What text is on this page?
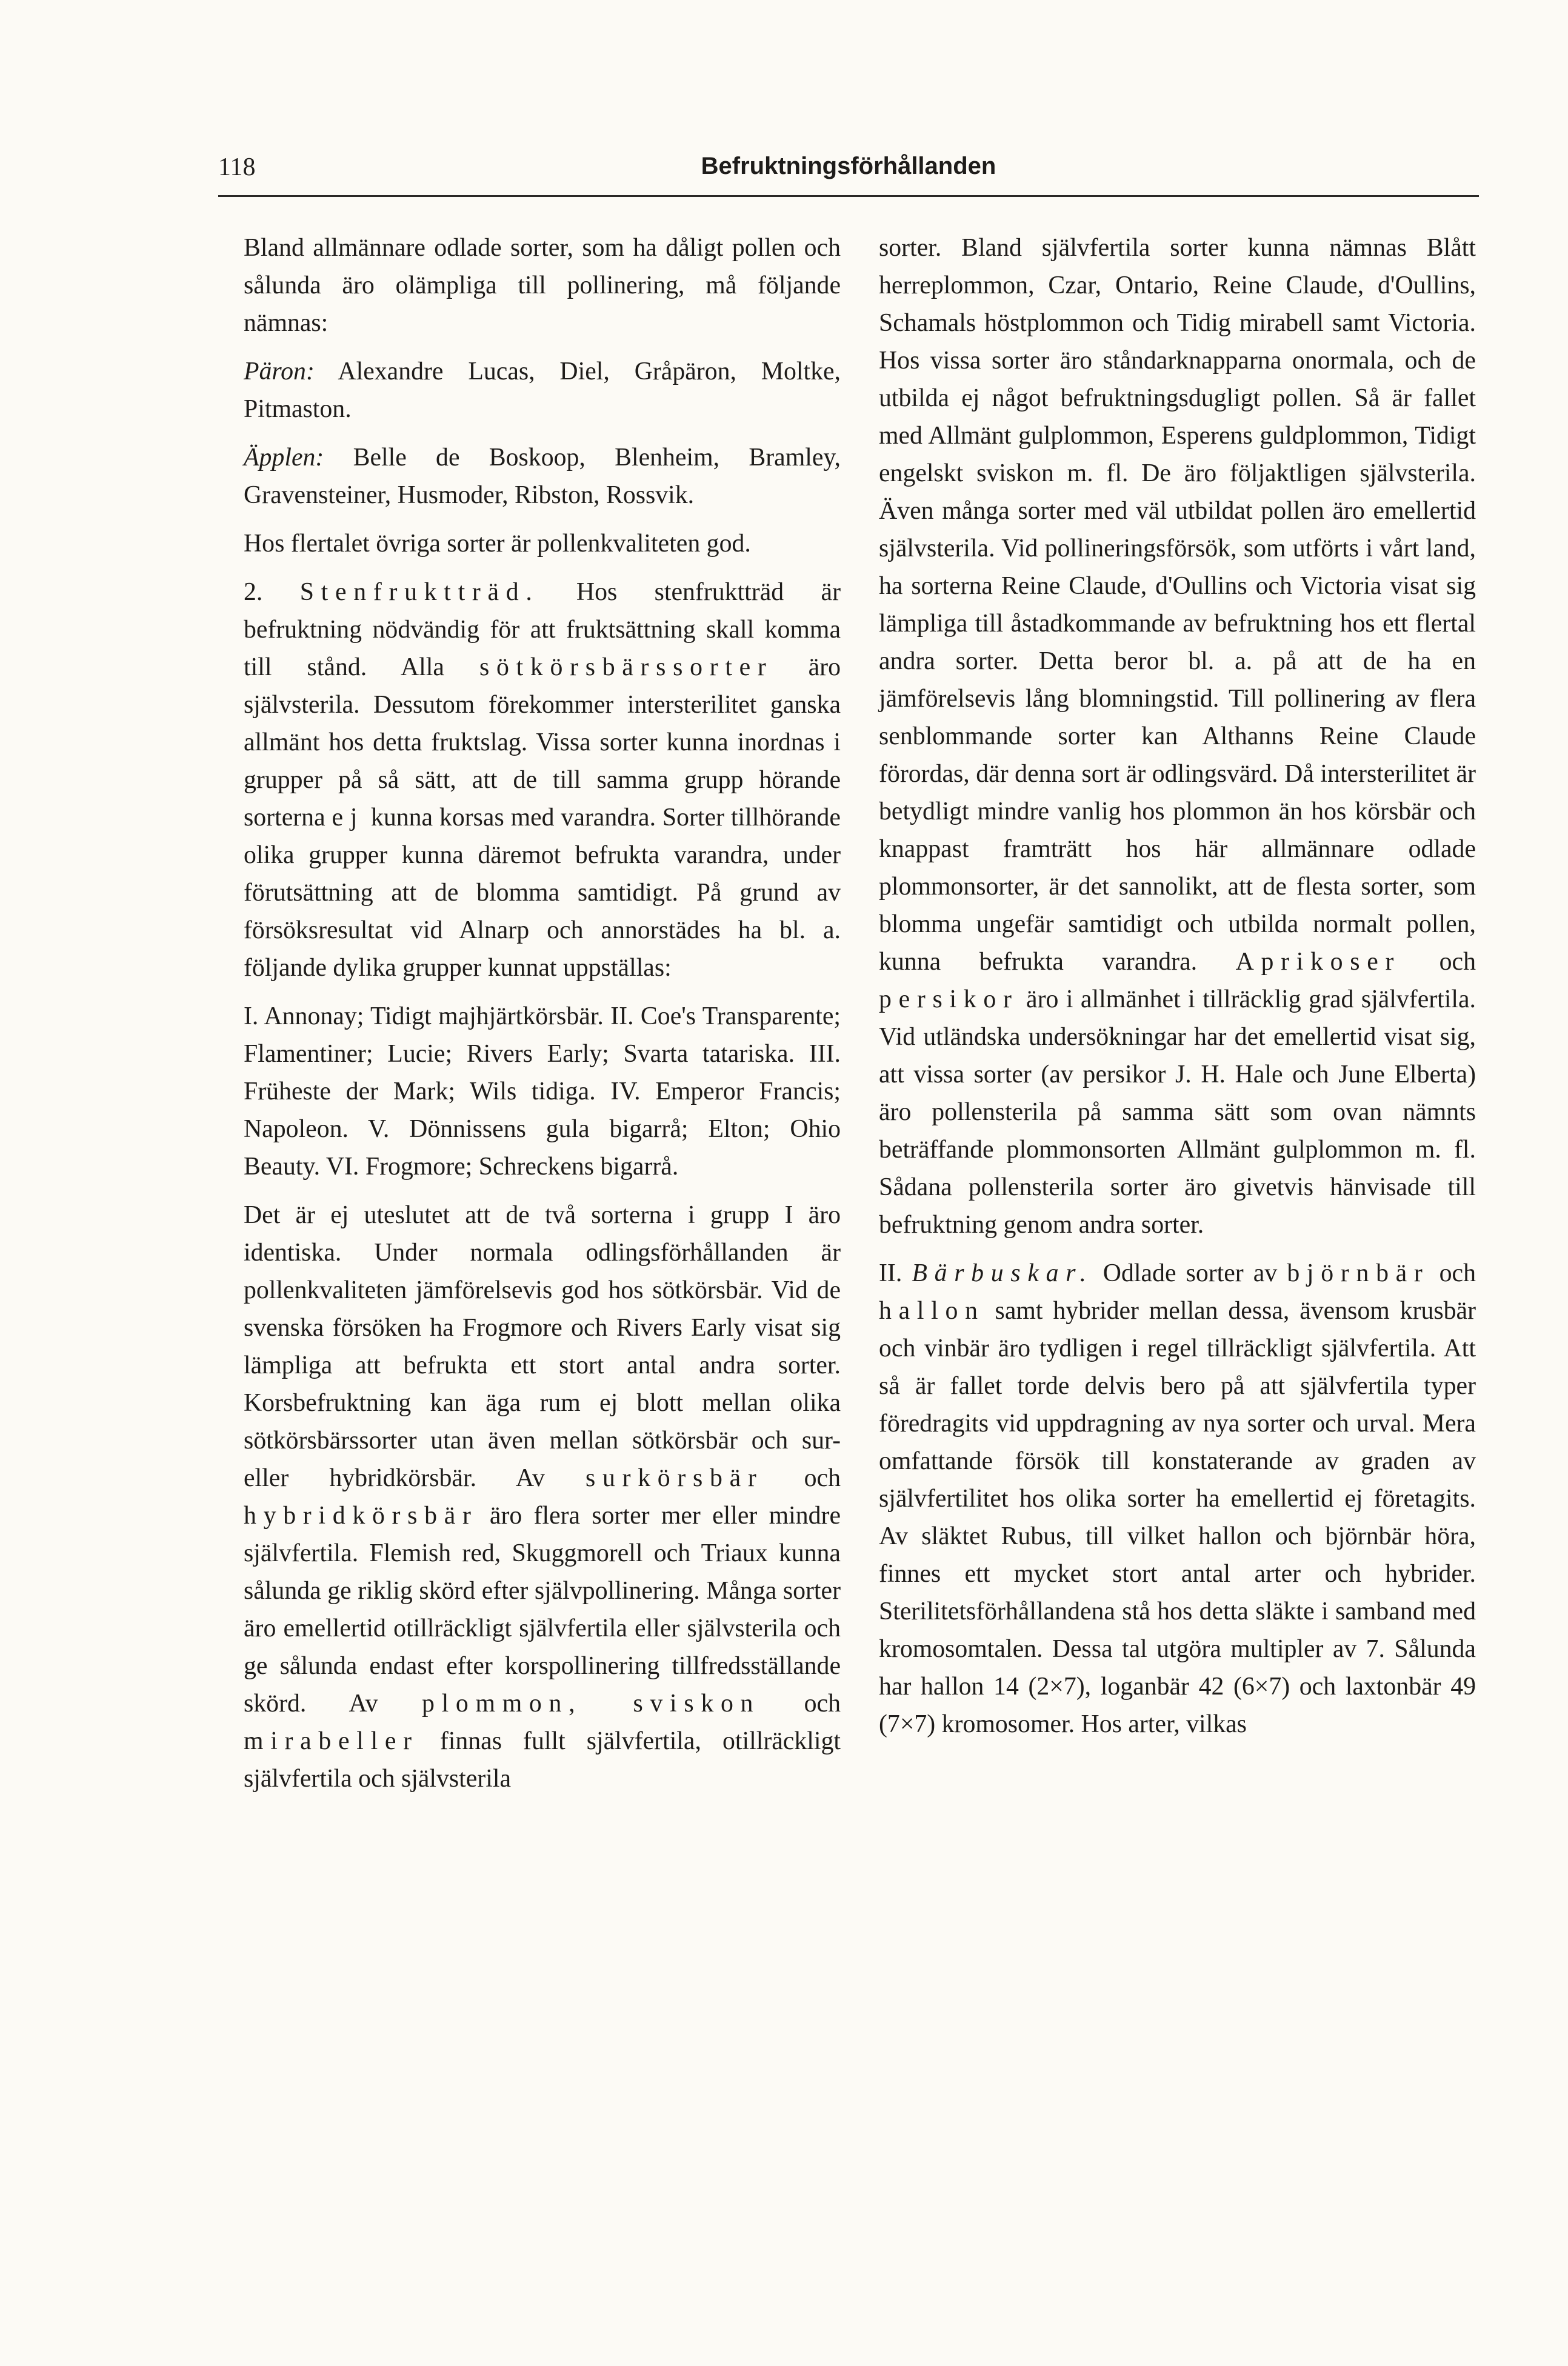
118	Befruktningsförhållanden

Bland allmännare odlade sorter, som ha dåligt pollen och sålunda äro olämpliga till pollinering, må följande nämnas:

Päron: Alexandre Lucas, Diel, Gråpäron, Moltke, Pitmaston.

Äpplen: Belle de Boskoop, Blenheim, Bramley, Gravensteiner, Husmoder, Ribston, Rossvik.

Hos flertalet övriga sorter är pollenkvaliteten god.

2. Stenfruktträd. Hos stenfruktträd är befruktning nödvändig för att fruktsättning skall komma till stånd. Alla sötkörsbärssorter äro självsterila. Dessutom förekommer intersterilitet ganska allmänt hos detta fruktslag. Vissa sorter kunna inordnas i grupper på så sätt, att de till samma grupp hörande sorterna ej kunna korsas med varandra. Sorter tillhörande olika grupper kunna däremot befrukta varandra, under förutsättning att de blomma samtidigt. På grund av försöksresultat vid Alnarp och annorstädes ha bl. a. följande dylika grupper kunnat uppställas:

I. Annonay; Tidigt majhjärtkörsbär. II. Coe's Transparente; Flamentiner; Lucie; Rivers Early; Svarta tatariska. III. Früheste der Mark; Wils tidiga. IV. Emperor Francis; Napoleon. V. Dönnissens gula bigarrå; Elton; Ohio Beauty. VI. Frogmore; Schreckens bigarrå.

Det är ej uteslutet att de två sorterna i grupp I äro identiska. Under normala odlingsförhållanden är pollenkvaliteten jämförelsevis god hos sötkörsbär. Vid de svenska försöken ha Frogmore och Rivers Early visat sig lämpliga att befrukta ett stort antal andra sorter. Korsbefruktning kan äga rum ej blott mellan olika sötkörsbärssorter utan även mellan sötkörsbär och sur- eller hybridkörsbär. Av surkörsbär och hybridkörsbär äro flera sorter mer eller mindre självfertila. Flemish red, Skuggmorell och Triaux kunna sålunda ge riklig skörd efter självpollinering. Många sorter äro emellertid otillräckligt självfertila eller självsterila och ge sålunda endast efter korspollinering tillfredsställande skörd. Av plommon, sviskon och mirabeller finnas fullt självfertila, otillräckligt självfertila och självsterila

sorter. Bland självfertila sorter kunna nämnas Blått herreplommon, Czar, Ontario, Reine Claude, d'Oullins, Schamals höstplommon och Tidig mirabell samt Victoria. Hos vissa sorter äro ståndarknapparna onormala, och de utbilda ej något befruktningsdugligt pollen. Så är fallet med Allmänt gulplommon, Esperens guldplommon, Tidigt engelskt sviskon m. fl. De äro följaktligen självsterila. Även många sorter med väl utbildat pollen äro emellertid självsterila. Vid pollineringsförsök, som utförts i vårt land, ha sorterna Reine Claude, d'Oullins och Victoria visat sig lämpliga till åstadkommande av befruktning hos ett flertal andra sorter. Detta beror bl. a. på att de ha en jämförelsevis lång blomningstid. Till pollinering av flera senblommande sorter kan Althanns Reine Claude förordas, där denna sort är odlingsvärd. Då intersterilitet är betydligt mindre vanlig hos plommon än hos körsbär och knappast framträtt hos här allmännare odlade plommonsorter, är det sannolikt, att de flesta sorter, som blomma ungefär samtidigt och utbilda normalt pollen, kunna befrukta varandra. Aprikoser och persikor äro i allmänhet i tillräcklig grad självfertila. Vid utländska undersökningar har det emellertid visat sig, att vissa sorter (av persikor J. H. Hale och June Elberta) äro pollensterila på samma sätt som ovan nämnts beträffande plommonsorten Allmänt gulplommon m. fl. Sådana pollensterila sorter äro givetvis hänvisade till befruktning genom andra sorter.

II. Bärbuskar. Odlade sorter av björnbär och hallon samt hybrider mellan dessa, ävensom krusbär och vinbär äro tydligen i regel tillräckligt självfertila. Att så är fallet torde delvis bero på att självfertila typer föredragits vid uppdragning av nya sorter och urval. Mera omfattande försök till konstaterande av graden av självfertilitet hos olika sorter ha emellertid ej företagits. Av släktet Rubus, till vilket hallon och björnbär höra, finnes ett mycket stort antal arter och hybrider. Sterilitetsförhållandena stå hos detta släkte i samband med kromosomtalen. Dessa tal utgöra multipler av 7. Sålunda har hallon 14 (2×7), loganbär 42 (6×7) och laxtonbär 49 (7×7) kromosomer. Hos arter, vilkas
